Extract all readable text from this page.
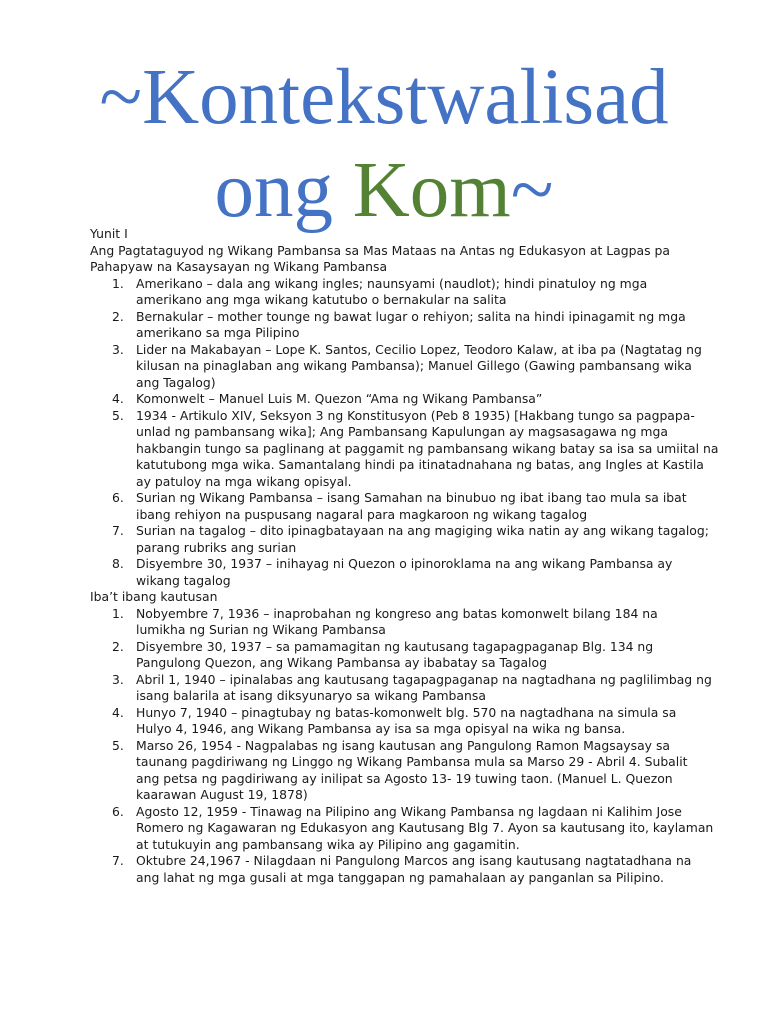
~Kontekstwalisad
ong Kom~

Yunit I

Ang Pagtataguyod ng Wikang Pambansa sa Mas Mataas na Antas ng Edukasyon at Lagpas pa

Pahapyaw na Kasaysayan ng Wikang Pambansa

1. Amerikano – dala ang wikang ingles; naunsyami (naudlot); hindi pinatuloy ng mga
amerikano ang mga wikang katutubo o bernakular na salita
2. Bernakular – mother tounge ng bawat lugar o rehiyon; salita na hindi ipinagamit ng mga
amerikano sa mga Pilipino
3. Lider na Makabayan – Lope K. Santos, Cecilio Lopez, Teodoro Kalaw, at iba pa (Nagtatag ng
kilusan na pinaglaban ang wikang Pambansa); Manuel Gillego (Gawing pambansang wika
ang Tagalog)
4. Komonwelt – Manuel Luis M. Quezon “Ama ng Wikang Pambansa”
5. 1934 - Artikulo XIV, Seksyon 3 ng Konstitusyon (Peb 8 1935) [Hakbang tungo sa pagpapa-
unlad ng pambansang wika]; Ang Pambansang Kapulungan ay magsasagawa ng mga
hakbangin tungo sa paglinang at paggamit ng pambansang wikang batay sa isa sa umiital na
katutubong mga wika. Samantalang hindi pa itinatadnahana ng batas, ang Ingles at Kastila
ay patuloy na mga wikang opisyal.
6. Surian ng Wikang Pambansa – isang Samahan na binubuo ng ibat ibang tao mula sa ibat
ibang rehiyon na puspusang nagaral para magkaroon ng wikang tagalog
7. Surian na tagalog – dito ipinagbatayaan na ang magiging wika natin ay ang wikang tagalog;
parang rubriks ang surian
8. Disyembre 30, 1937 – inihayag ni Quezon o ipinoroklama na ang wikang Pambansa ay
wikang tagalog

Iba’t ibang kautusan

1. Nobyembre 7, 1936 – inaprobahan ng kongreso ang batas komonwelt bilang 184 na
lumikha ng Surian ng Wikang Pambansa
2. Disyembre 30, 1937 – sa pamamagitan ng kautusang tagapagpaganap Blg. 134 ng
Pangulong Quezon, ang Wikang Pambansa ay ibabatay sa Tagalog
3. Abril 1, 1940 – ipinalabas ang kautusang tagapagpaganap na nagtadhana ng paglilimbag ng
isang balarila at isang diksyunaryo sa wikang Pambansa
4. Hunyo 7, 1940 – pinagtubay ng batas-komonwelt blg. 570 na nagtadhana na simula sa
Hulyo 4, 1946, ang Wikang Pambansa ay isa sa mga opisyal na wika ng bansa.
5. Marso 26, 1954 - Nagpalabas ng isang kautusan ang Pangulong Ramon Magsaysay sa
taunang pagdiriwang ng Linggo ng Wikang Pambansa mula sa Marso 29 - Abril 4. Subalit
ang petsa ng pagdiriwang ay inilipat sa Agosto 13- 19 tuwing taon. (Manuel L. Quezon
kaarawan August 19, 1878)
6. Agosto 12, 1959 - Tinawag na Pilipino ang Wikang Pambansa ng lagdaan ni Kalihim Jose
Romero ng Kagawaran ng Edukasyon ang Kautusang Blg 7. Ayon sa kautusang ito, kaylaman
at tutukuyin ang pambansang wika ay Pilipino ang gagamitin.
7. Oktubre 24,1967 - Nilagdaan ni Pangulong Marcos ang isang kautusang nagtatadhana na
ang lahat ng mga gusali at mga tanggapan ng pamahalaan ay panganlan sa Pilipino.
